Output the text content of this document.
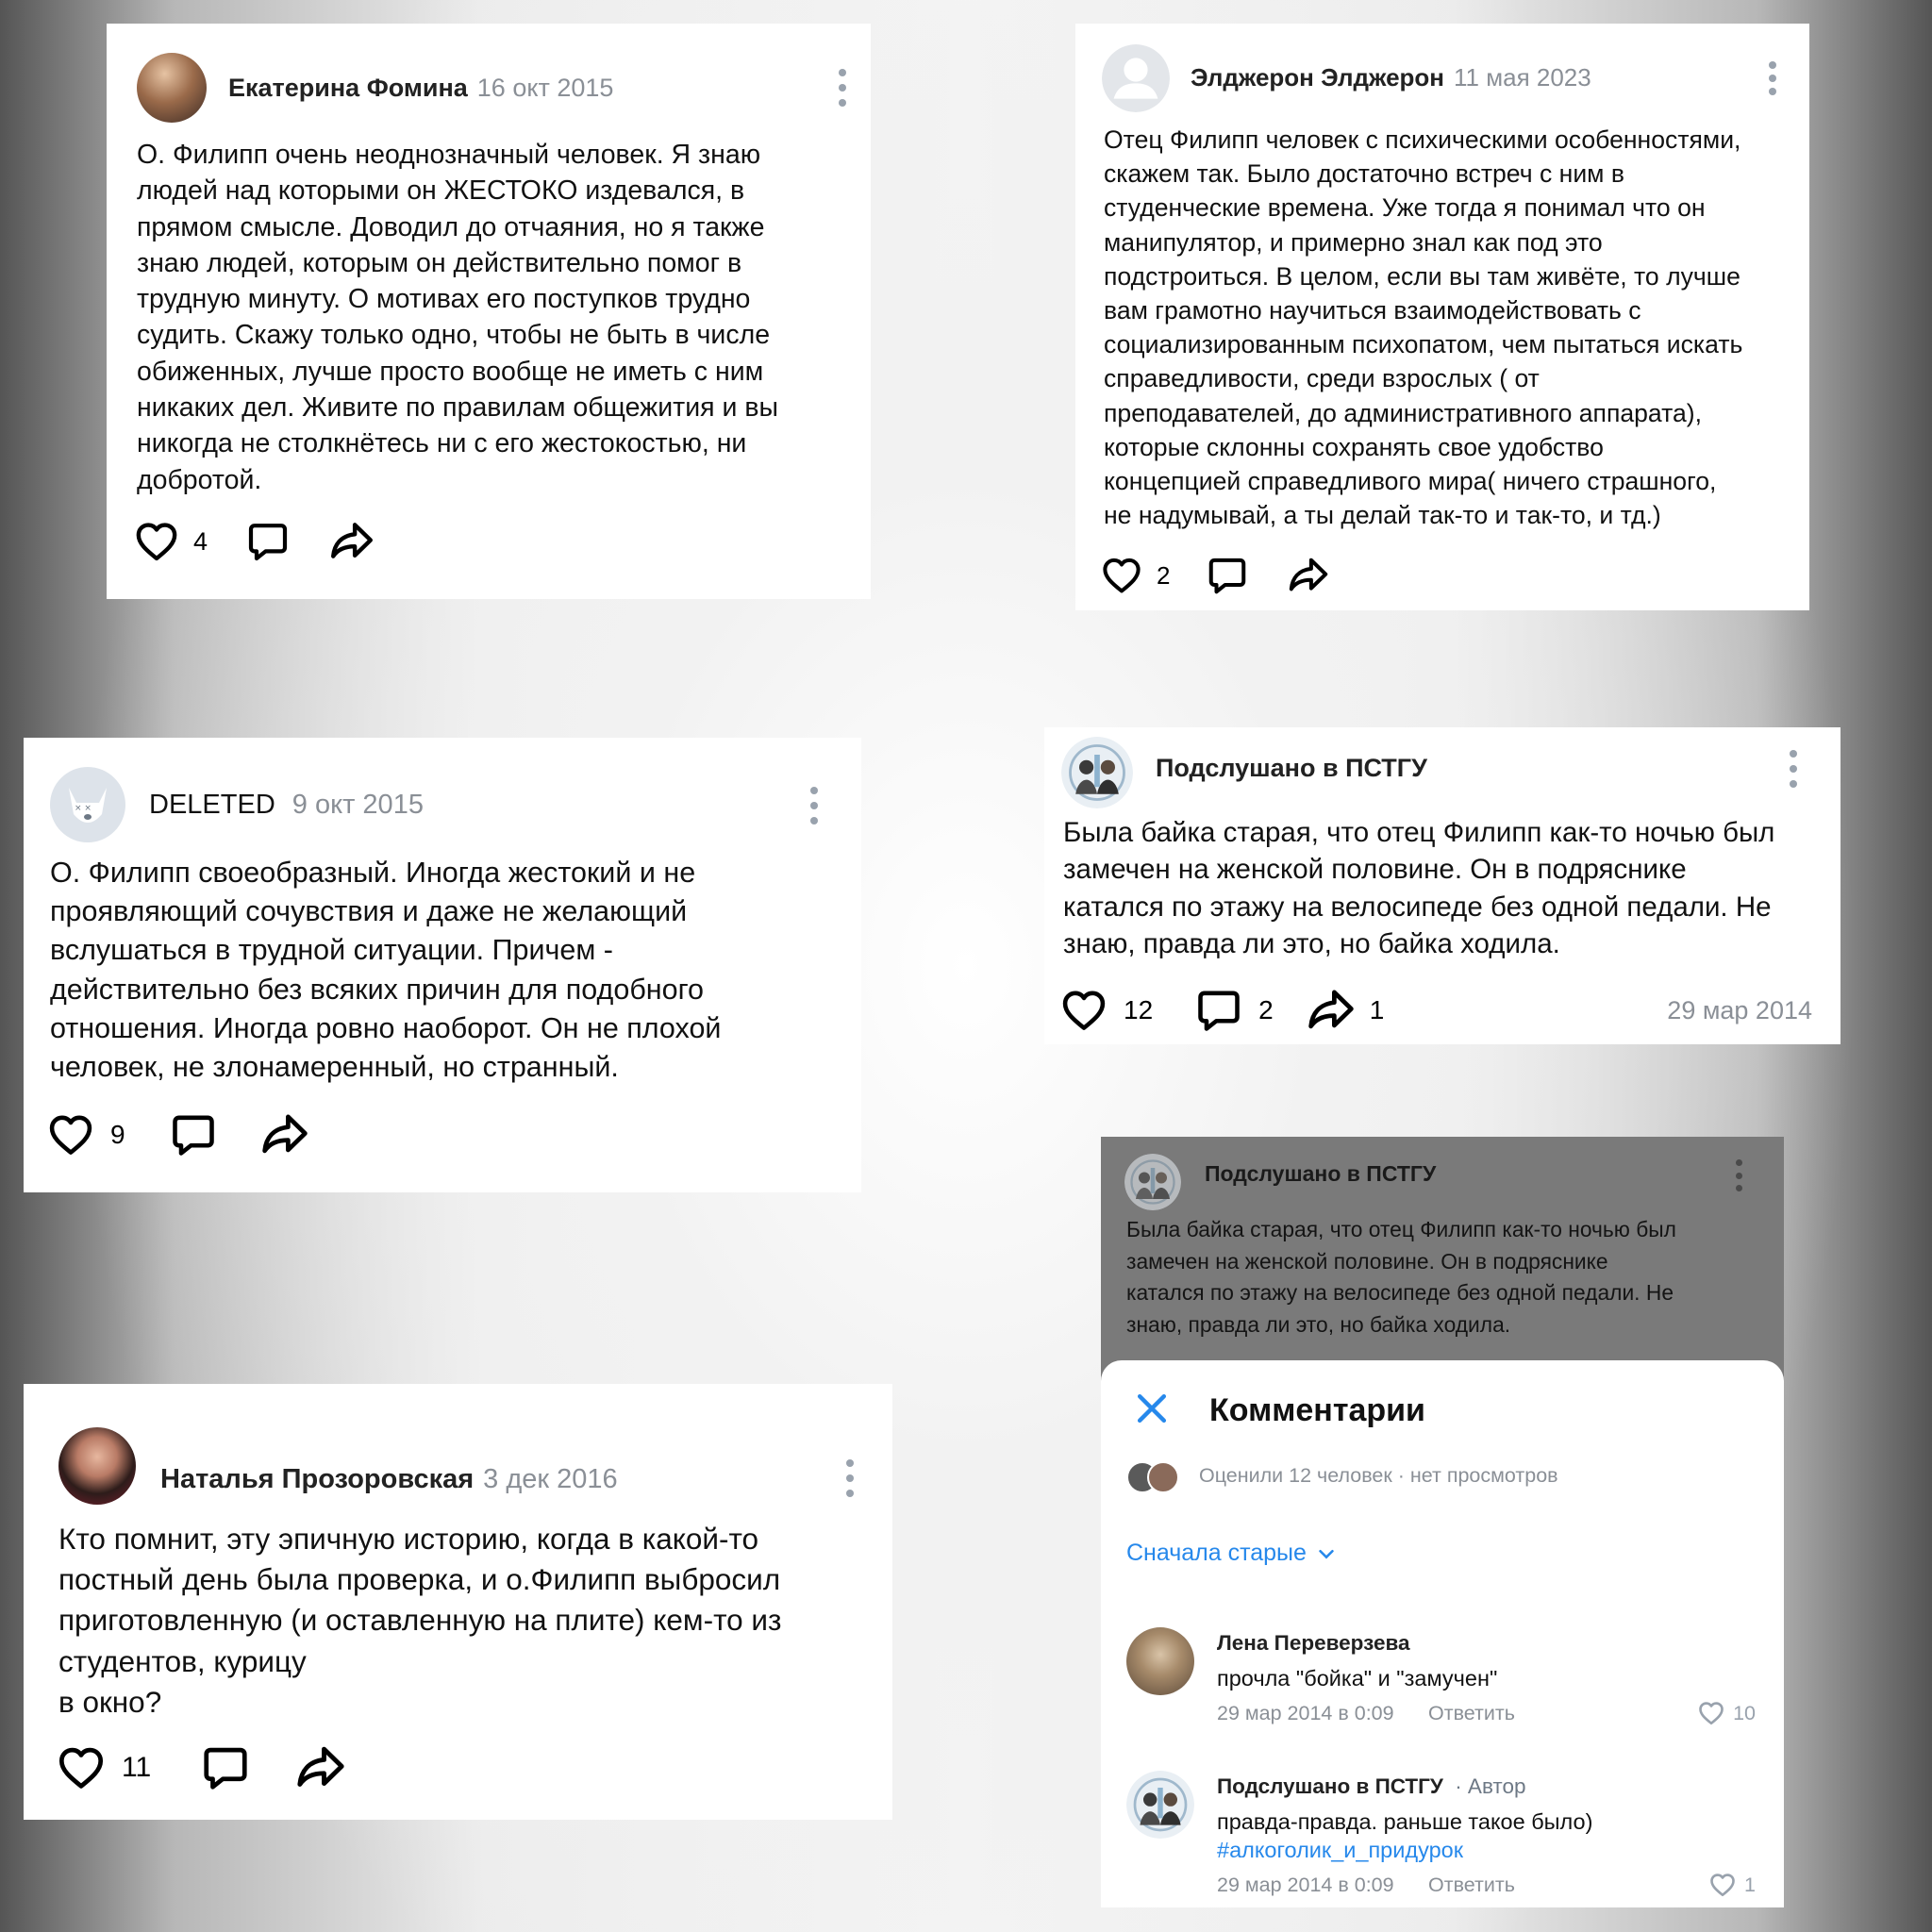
Екатерина Фомина 16 окт 2015
О. Филипп очень неоднозначный человек. Я знаю
людей над которыми он ЖЕСТОКО издевался, в
прямом смысле. Доводил до отчаяния, но я также
знаю людей, которым он действительно помог в
трудную минуту. О мотивах его поступков трудно
судить. Скажу только одно, чтобы не быть в числе
обиженных, лучше просто вообще не иметь с ним
никаких дел. Живите по правилам общежития и вы
никогда не столкнётесь ни с его жестокостью, ни
добротой.
4
Элджерон Элджерон 11 мая 2023
Отец Филипп человек с психическими особенностями,
скажем так. Было достаточно встреч с ним в
студенческие времена. Уже тогда я понимал что он
манипулятор, и примерно знал как под это
подстроиться. В целом, если вы там живёте, то лучше
вам грамотно научиться взаимодействовать с
социализированным психопатом, чем пытаться искать
справедливости, среди взрослых ( от
преподавателей, до административного аппарата),
которые склонны сохранять свое удобство
концепцией справедливого мира( ничего страшного,
не надумывай, а ты делай так-то и так-то, и тд.)
2
× × DELETED 9 окт 2015
О. Филипп своеобразный. Иногда жестокий и не
проявляющий сочувствия и даже не желающий
вслушаться в трудной ситуации. Причем -
действительно без всяких причин для подобного
отношения. Иногда ровно наоборот. Он не плохой
человек, не злонамеренный, но странный.
9
Подслушано в ПСТГУ
Была байка старая, что отец Филипп как-то ночью был
замечен на женской половине. Он в подряснике
катался по этажу на велосипеде без одной педали. Не
знаю, правда ли это, но байка ходила.
12	2	1	29 мар 2014
Наталья Прозоровская 3 дек 2016
Кто помнит, эту эпичную историю, когда в какой-то
постный день была проверка, и о.Филипп выбросил
приготовленную (и оставленную на плите) кем-то из
студентов, курицу
в окно?
11
Подслушано в ПСТГУ
Была байка старая, что отец Филипп как-то ночью был
замечен на женской половине. Он в подряснике
катался по этажу на велосипеде без одной педали. Не
знаю, правда ли это, но байка ходила.
Комментарии
Оценили 12 человек · нет просмотров
Сначала старые
Лена Переверзева
прочла "бойка" и "замучен"
29 мар 2014 в 0:09 Ответить	10
Подслушано в ПСТГУ · Автор
правда-правда. раньше такое было)
#алкоголик_и_придурок
29 мар 2014 в 0:09 Ответить	1
